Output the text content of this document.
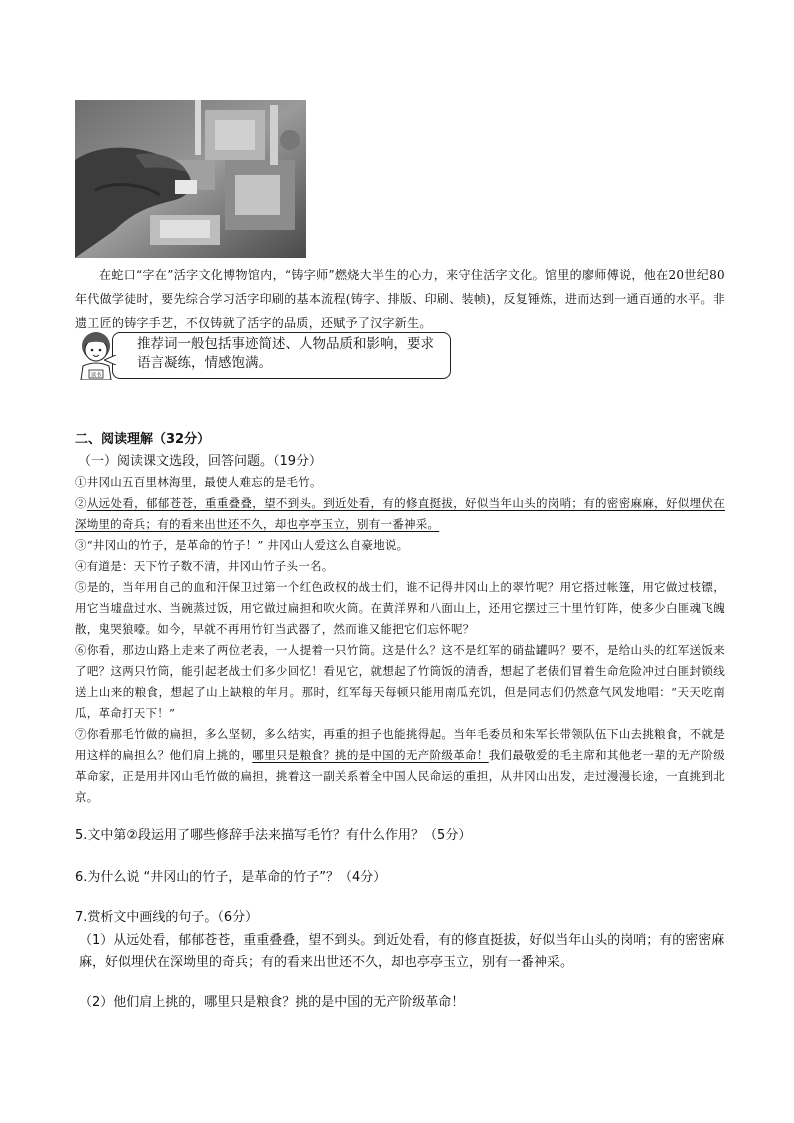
在蛇口“字在”活字文化博物馆内，“铸字师”燃烧大半生的心力，来守住活字文化。馆里的廖师傅说，他在20世纪80年代做学徒时，要先综合学习活字印刷的基本流程(铸字、排版、印刷、装帧)，反复锤炼，进而达到一通百通的水平。非遗工匠的铸字手艺，不仅铸就了活字的品质，还赋予了汉字新生。
读书
推荐词一般包括事迹简述、人物品质和影响，要求语言凝练，情感饱满。
二、阅读理解（32分）
（一）阅读课文选段，回答问题。（19分）

①井冈山五百里林海里，最使人难忘的是毛竹。

②从远处看，郁郁苍苍，重重叠叠，望不到头。到近处看，有的修直挺拔，好似当年山头的岗哨；有的密密麻麻，好似埋伏在深坳里的奇兵；有的看来出世还不久，却也亭亭玉立，别有一番神采。

③“井冈山的竹子，是革命的竹子！” 井冈山人爱这么自豪地说。

④有道是：天下竹子数不清，井冈山竹子头一名。

⑤是的，当年用自己的血和汗保卫过第一个红色政权的战士们，谁不记得井冈山上的翠竹呢？用它搭过帐篷，用它做过枝镖，用它当墟盘过水、当碗蒸过饭，用它做过扁担和吹火筒。在黄洋界和八面山上，还用它摆过三十里竹钉阵，使多少白匪魂飞魄散，鬼哭狼嚎。如今，早就不再用竹钉当武器了，然而谁又能把它们忘怀呢？

⑥你看，那边山路上走来了两位老表，一人提着一只竹筒。这是什么？这不是红军的硝盐罐吗？要不，是给山头的红军送饭来了吧？这两只竹筒，能引起老战士们多少回忆！看见它，就想起了竹筒饭的清香，想起了老俵们冒着生命危险冲过白匪封锁线送上山来的粮食，想起了山上缺粮的年月。那时，红军每天每顿只能用南瓜充饥，但是同志们仍然意气风发地唱：“天天吃南瓜，革命打天下！”

⑦你看那毛竹做的扁担，多么坚韧，多么结实，再重的担子也能挑得起。当年毛委员和朱军长带领队伍下山去挑粮食，不就是用这样的扁担么？他们肩上挑的，哪里只是粮食？挑的是中国的无产阶级革命！我们最敬爱的毛主席和其他老一辈的无产阶级革命家，正是用井冈山毛竹做的扁担，挑着这一副关系着全中国人民命运的重担，从井冈山出发，走过漫漫长途，一直挑到北京。

5.文中第②段运用了哪些修辞手法来描写毛竹？有什么作用？（5分）
6.为什么说 “井冈山的竹子，是革命的竹子”？（4分）
7.赏析文中画线的句子。（6分）
（1）从远处看，郁郁苍苍，重重叠叠，望不到头。到近处看，有的修直挺拔，好似当年山头的岗哨；有的密密麻麻，好似埋伏在深坳里的奇兵；有的看来出世还不久，却也亭亭玉立，别有一番神采。
（2）他们肩上挑的，哪里只是粮食？挑的是中国的无产阶级革命！
